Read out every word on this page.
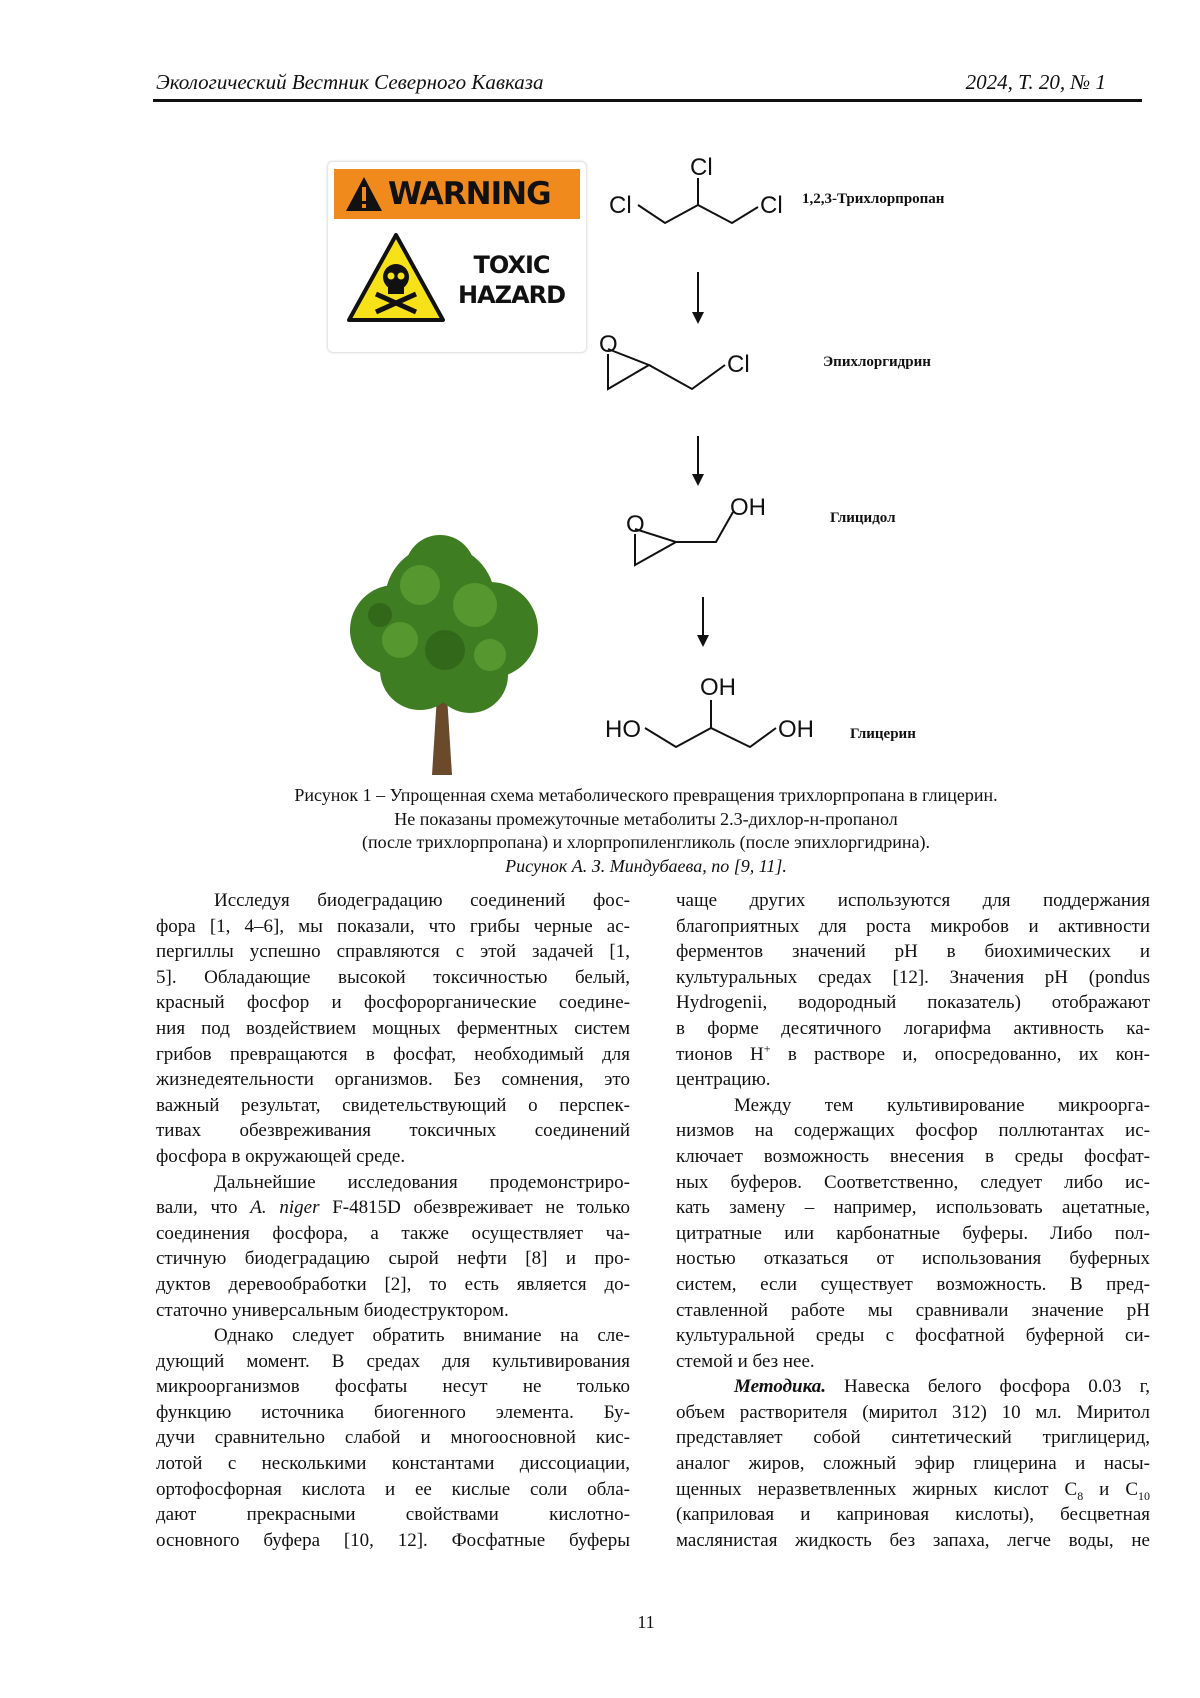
Экологический Вестник Северного Кавказа	2024, Т. 20, № 1
WARNING
TOXIC
HAZARD
Cl
Cl
Cl
O
Cl
O
OH
HO
OH
OH
1,2,3-Трихлорпропан
Эпихлоргидрин
Глицидол
Глицерин
Рисунок 1 – Упрощенная схема метаболического превращения трихлорпропана в глицерин.
Не показаны промежуточные метаболиты 2.3-дихлор-н-пропанол
(после трихлорпропана) и хлорпропиленгликоль (после эпихлоргидрина).
Рисунок А. З. Миндубаева, по [9, 11].
Исследуя биодеградацию соединений фос-
фора [1, 4–6], мы показали, что грибы черные ас-
пергиллы успешно справляются с этой задачей [1,
5]. Обладающие высокой токсичностью белый,
красный фосфор и фосфорорганические соедине-
ния под воздействием мощных ферментных систем
грибов превращаются в фосфат, необходимый для
жизнедеятельности организмов. Без сомнения, это
важный результат, свидетельствующий о перспек-
тивах обезвреживания токсичных соединений
фосфора в окружающей среде.
Дальнейшие исследования продемонстриро-
вали, что A. niger F-4815D обезвреживает не только
соединения фосфора, а также осуществляет ча-
стичную биодеградацию сырой нефти [8] и про-
дуктов деревообработки [2], то есть является до-
статочно универсальным биодеструктором.
Однако следует обратить внимание на сле-
дующий момент. В средах для культивирования
микроорганизмов фосфаты несут не только
функцию источника биогенного элемента. Бу-
дучи сравнительно слабой и многоосновной кис-
лотой с несколькими константами диссоциации,
ортофосфорная кислота и ее кислые соли обла-
дают прекрасными свойствами кислотно-
основного буфера [10, 12]. Фосфатные буферы
чаще других используются для поддержания
благоприятных для роста микробов и активности
ферментов значений pH в биохимических и
культуральных средах [12]. Значения pH (pondus
Hydrogenii, водородный показатель) отображают
в форме десятичного логарифма активность ка-
тионов H+ в растворе и, опосредованно, их кон-
центрацию.
Между тем культивирование микроорга-
низмов на содержащих фосфор поллютантах ис-
ключает возможность внесения в среды фосфат-
ных буферов. Соответственно, следует либо ис-
кать замену – например, использовать ацетатные,
цитратные или карбонатные буферы. Либо пол-
ностью отказаться от использования буферных
систем, если существует возможность. В пред-
ставленной работе мы сравнивали значение pH
культуральной среды с фосфатной буферной си-
стемой и без нее.
Методика. Навеска белого фосфора 0.03 г,
объем растворителя (миритол 312) 10 мл. Миритол
представляет собой синтетический триглицерид,
аналог жиров, сложный эфир глицерина и насы-
щенных неразветвленных жирных кислот C8 и C10
(каприловая и каприновая кислоты), бесцветная
маслянистая жидкость без запаха, легче воды, не
11
